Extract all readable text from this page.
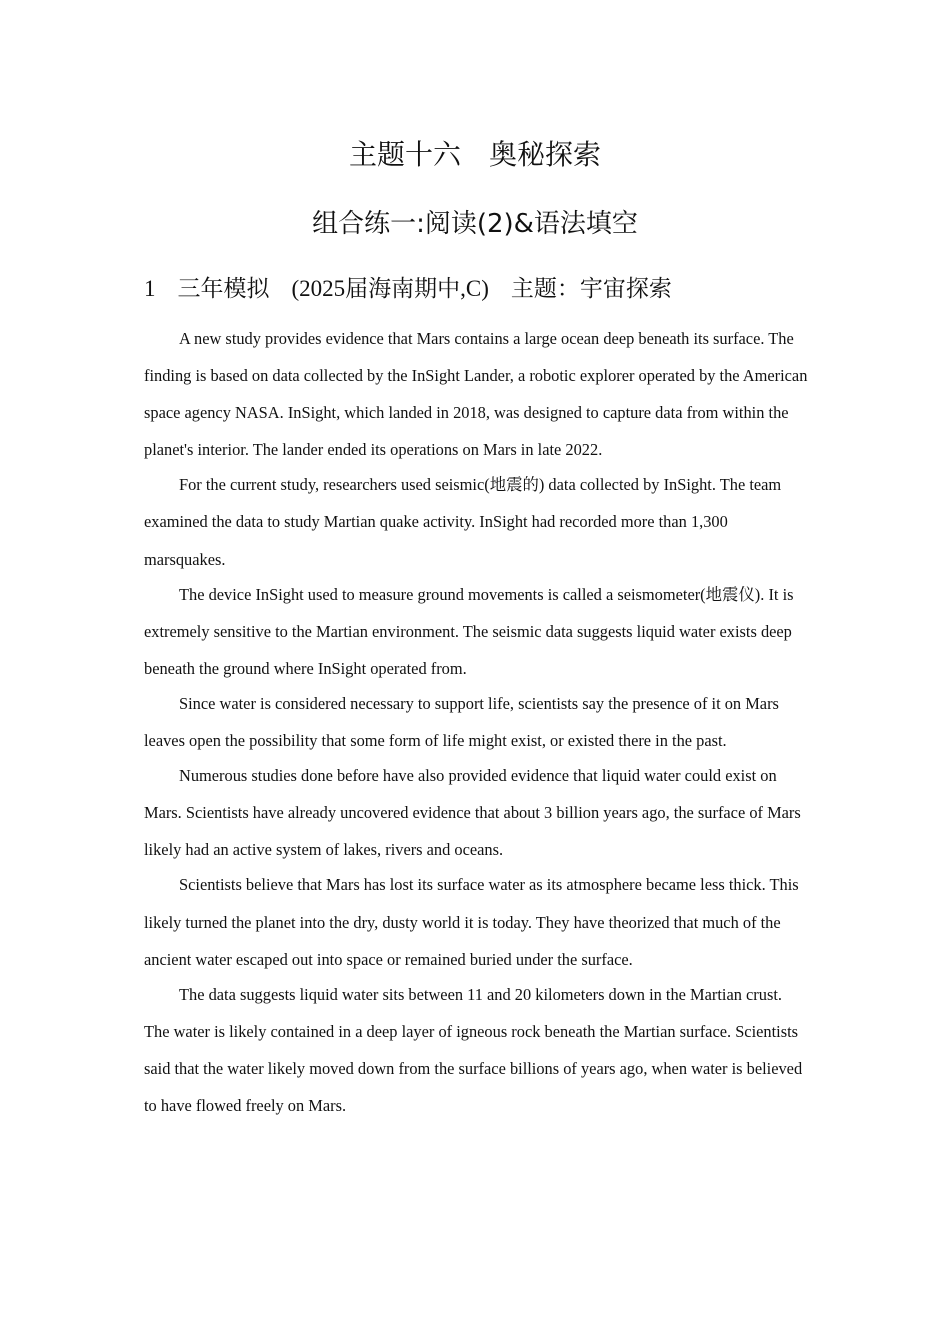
主题十六　奥秘探索
组合练一:阅读(2)&语法填空
1 三年模拟 (2025届海南期中,C) 主题：宇宙探索

A new study provides evidence that Mars contains a large ocean deep beneath its surface. The finding is based on data collected by the InSight Lander, a robotic explorer operated by the American space agency NASA. InSight, which landed in 2018, was designed to capture data from within the planet's interior. The lander ended its operations on Mars in late 2022.

For the current study, researchers used seismic(地震的) data collected by InSight. The team examined the data to study Martian quake activity. InSight had recorded more than 1,300 marsquakes.

The device InSight used to measure ground movements is called a seismometer(地震仪). It is extremely sensitive to the Martian environment. The seismic data suggests liquid water exists deep beneath the ground where InSight operated from.

Since water is considered necessary to support life, scientists say the presence of it on Mars leaves open the possibility that some form of life might exist, or existed there in the past.

Numerous studies done before have also provided evidence that liquid water could exist on Mars. Scientists have already uncovered evidence that about 3 billion years ago, the surface of Mars likely had an active system of lakes, rivers and oceans.

Scientists believe that Mars has lost its surface water as its atmosphere became less thick. This likely turned the planet into the dry, dusty world it is today. They have theorized that much of the ancient water escaped out into space or remained buried under the surface.

The data suggests liquid water sits between 11 and 20 kilometers down in the Martian crust. The water is likely contained in a deep layer of igneous rock beneath the Martian surface. Scientists said that the water likely moved down from the surface billions of years ago, when water is believed to have flowed freely on Mars.
